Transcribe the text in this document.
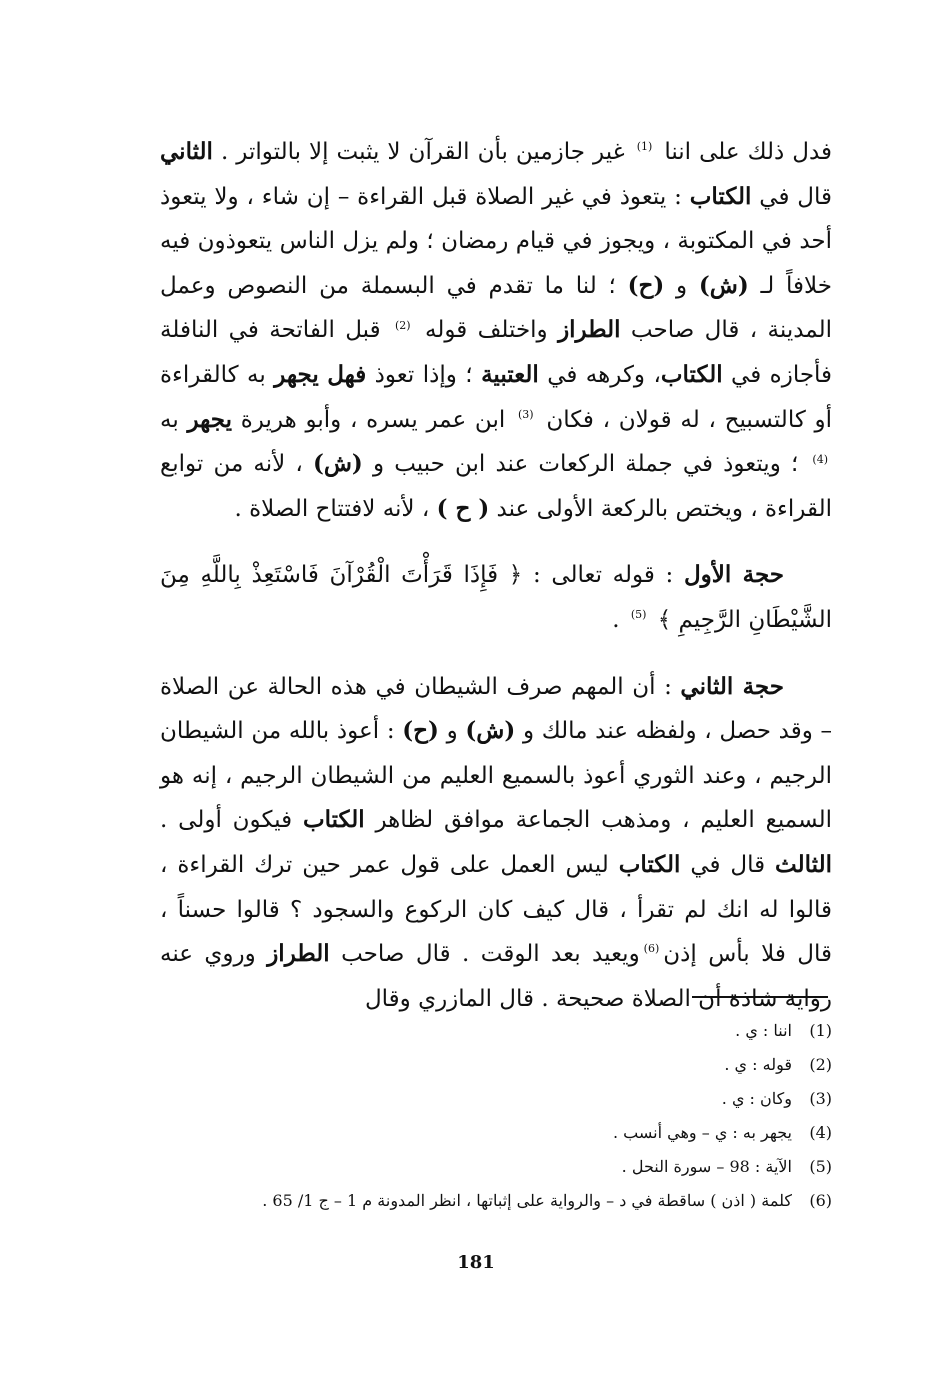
فدل ذلك على اننا $^{(1)}$ غير جازمين بأن القرآن لا يثبت إلا بالتواتر . الثاني قال في الكتاب : يتعوذ في غير الصلاة قبل القراءة – إن شاء ، ولا يتعوذ أحد في المكتوبة ، ويجوز في قيام رمضان ؛ ولم يزل الناس يتعوذون فيه خلافاً لـ (ش) و (ح) ؛ لنا ما تقدم في البسملة من النصوص وعمل المدينة ، قال صاحب الطراز واختلف قوله $^{(2)}$ قبل الفاتحة في النافلة فأجازه في الكتاب، وكرهه في العتبية ؛ وإذا تعوذ فهل يجهر به كالقراءة أو كالتسبيح ، له قولان ، فكان $^{(3)}$ ابن عمر يسره ، وأبو هريرة يجهر به $^{(4)}$ ؛ ويتعوذ في جملة الركعات عند ابن حبيب و (ش) ، لأنه من توابع القراءة ، ويختص بالركعة الأولى عند ( ح ) ، لأنه لافتتاح الصلاة .

حجة الأول : قوله تعالى : ﴿ فَإِذَا قَرَأْتَ الْقُرْآنَ فَاسْتَعِذْ بِاللَّهِ مِنَ الشَّيْطَانِ الرَّجِيمِ ﴾ $^{(5)}$ .

حجة الثاني : أن المهم صرف الشيطان في هذه الحالة عن الصلاة – وقد حصل ، ولفظه عند مالك و (ش) و (ح) : أعوذ بالله من الشيطان الرجيم ، وعند الثوري أعوذ بالسميع العليم من الشيطان الرجيم ، إنه هو السميع العليم ، ومذهب الجماعة موافق لظاهر الكتاب فيكون أولى . الثالث قال في الكتاب ليس العمل على قول عمر حين ترك القراءة ، قالوا له انك لم تقرأ ، قال كيف كان الركوع والسجود ؟ قالوا حسناً ، قال فلا بأس إذن$^{(6)}$ويعيد بعد الوقت . قال صاحب الطراز وروي عنه رواية شاذة أن الصلاة صحيحة . قال المازري وقال

(1)
اننا : ي .
(2)
قوله : ي .
(3)
وكان : ي .
(4)
يجهر به : ي – وهي أنسب .
(5)
الآية : 98 – سورة النحل .
(6)
كلمة ( اذن ) ساقطة في د – والرواية على إثباتها ، انظر المدونة م 1 – ج 1/ 65 .
181
